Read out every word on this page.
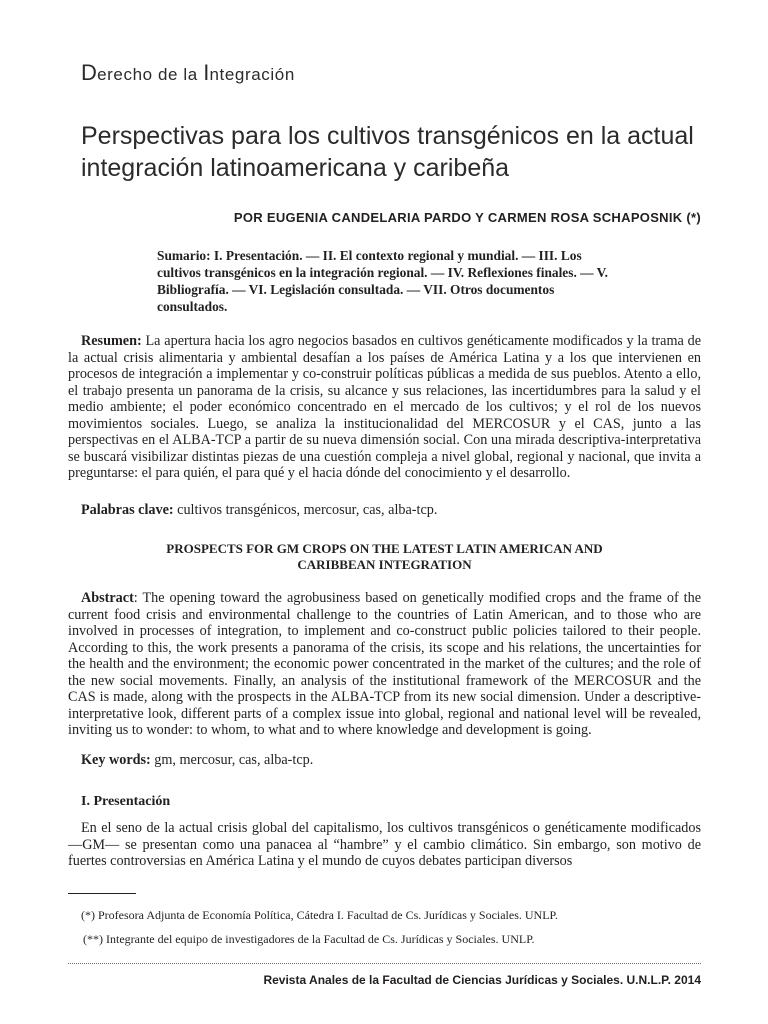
Derecho de la Integración
Perspectivas para los cultivos transgénicos en la actual
integración latinoamericana y caribeña
POR EUGENIA CANDELARIA PARDO Y CARMEN ROSA SCHAPOSNIK (*)
Sumario: I. Presentación. — II. El contexto regional y mundial. — III. Los cultivos transgénicos en la integración regional. — IV. Reflexiones finales. — V. Bibliografía. — VI. Legislación consultada. — VII. Otros documentos consultados.
Resumen: La apertura hacia los agro negocios basados en cultivos genéticamente modificados y la trama de la actual crisis alimentaria y ambiental desafían a los países de América Latina y a los que intervienen en procesos de integración a implementar y co-construir políticas públicas a medida de sus pueblos. Atento a ello, el trabajo presenta un panorama de la crisis, su alcance y sus relaciones, las incertidumbres para la salud y el medio ambiente; el poder económico concentrado en el mercado de los cultivos; y el rol de los nuevos movimientos sociales. Luego, se analiza la institucionalidad del MERCOSUR y el CAS, junto a las perspectivas en el ALBA-TCP a partir de su nueva dimensión social. Con una mirada descriptiva-interpretativa se buscará visibilizar distintas piezas de una cuestión compleja a nivel global, regional y nacional, que invita a preguntarse: el para quién, el para qué y el hacia dónde del conocimiento y el desarrollo.
Palabras clave: cultivos transgénicos, mercosur, cas, alba-tcp.
PROSPECTS FOR GM CROPS ON THE LATEST LATIN AMERICAN AND
CARIBBEAN INTEGRATION
Abstract: The opening toward the agrobusiness based on genetically modified crops and the frame of the current food crisis and environmental challenge to the countries of Latin American, and to those who are involved in processes of integration, to implement and co-construct public policies tailored to their people. According to this, the work presents a panorama of the crisis, its scope and his relations, the uncertainties for the health and the environment; the economic power concentrated in the market of the cultures; and the role of the new social movements. Finally, an analysis of the institutional framework of the MERCOSUR and the CAS is made, along with the prospects in the ALBA-TCP from its new social dimension. Under a descriptive-interpretative look, different parts of a complex issue into global, regional and national level will be revealed, inviting us to wonder: to whom, to what and to where knowledge and development is going.
Key words: gm, mercosur, cas, alba-tcp.
I. Presentación
En el seno de la actual crisis global del capitalismo, los cultivos transgénicos o genéticamente modificados —GM— se presentan como una panacea al “hambre” y el cambio climático. Sin embargo, son motivo de fuertes controversias en América Latina y el mundo de cuyos debates participan diversos
(*) Profesora Adjunta de Economía Política, Cátedra I. Facultad de Cs. Jurídicas y Sociales. UNLP.
(**) Integrante del equipo de investigadores de la Facultad de Cs. Jurídicas y Sociales. UNLP.
Revista Anales de la Facultad de Ciencias Jurídicas y Sociales. U.N.L.P. 2014
